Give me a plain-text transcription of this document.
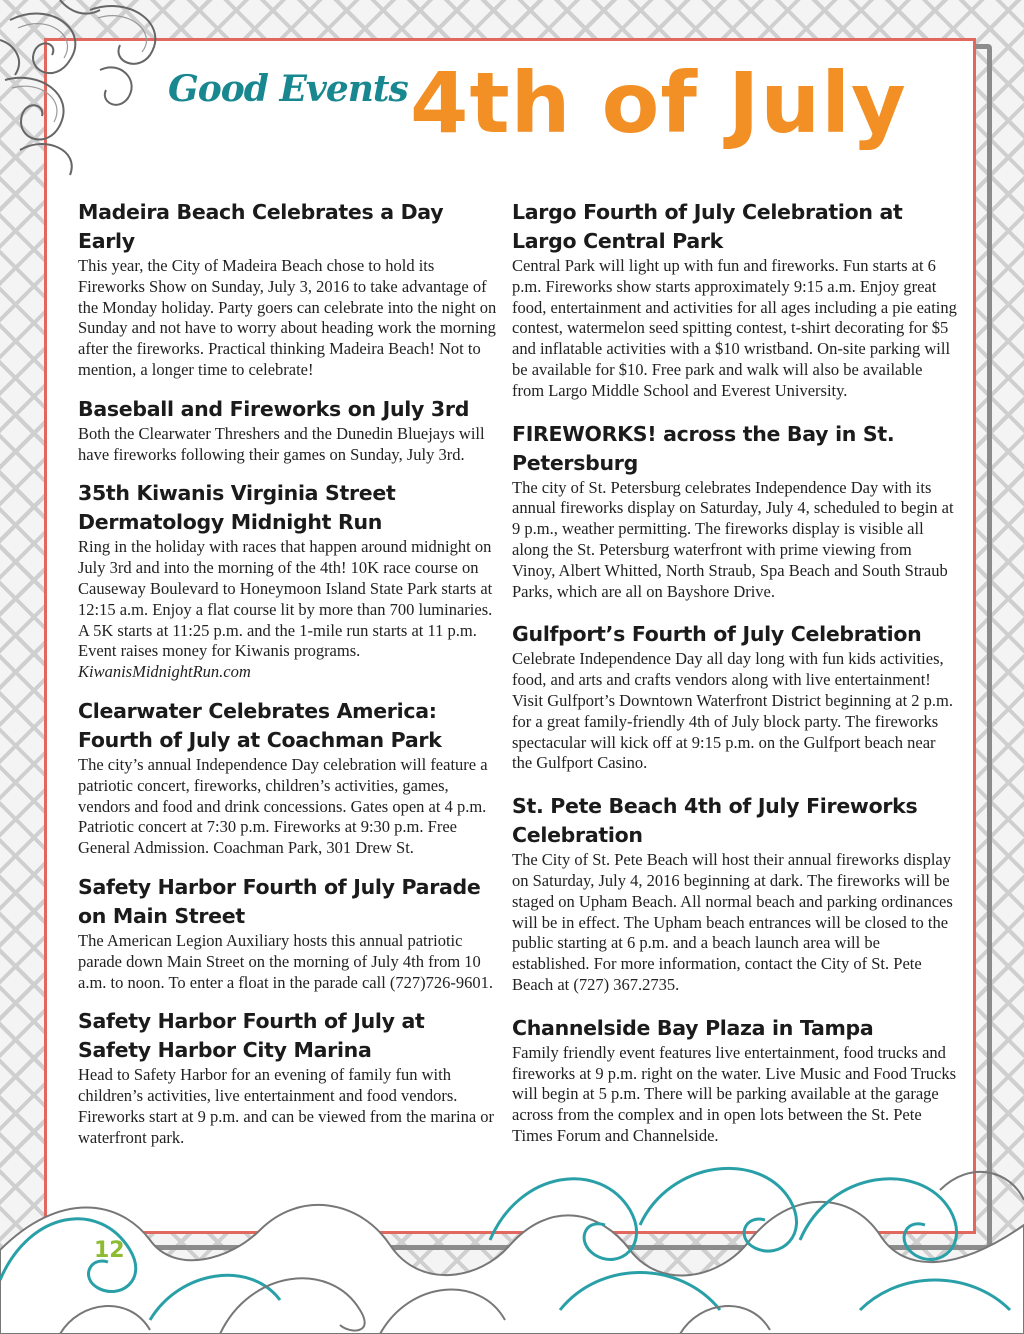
Good Events 4th of July
Madeira Beach Celebrates a Day Early

This year, the City of Madeira Beach chose to hold its Fireworks Show on Sunday, July 3, 2016 to take advantage of the Monday holiday. Party goers can celebrate into the night on Sunday and not have to worry about heading work the morning after the fireworks. Practical thinking Madeira Beach! Not to mention, a longer time to celebrate!

Baseball and Fireworks on July 3rd

Both the Clearwater Threshers and the Dunedin Bluejays will have fireworks following their games on Sunday, July 3rd.

35th Kiwanis Virginia Street Dermatology Midnight Run

Ring in the holiday with races that happen around midnight on July 3rd and into the morning of the 4th! 10K race course on Causeway Boulevard to Honeymoon Island State Park starts at 12:15 a.m. Enjoy a flat course lit by more than 700 luminaries. A 5K starts at 11:25 p.m. and the 1-mile run starts at 11 p.m. Event raises money for Kiwanis programs.

KiwanisMidnightRun.com

Clearwater Celebrates America: Fourth of July at Coachman Park

The city’s annual Independence Day celebration will feature a patriotic concert, fireworks, children’s activities, games, vendors and food and drink concessions. Gates open at 4 p.m. Patriotic concert at 7:30 p.m. Fireworks at 9:30 p.m. Free General Admission. Coachman Park, 301 Drew St.

Safety Harbor Fourth of July Parade on Main Street

The American Legion Auxiliary hosts this annual patriotic parade down Main Street on the morning of July 4th from 10 a.m. to noon. To enter a float in the parade call (727)726-9601.

Safety Harbor Fourth of July at Safety Harbor City Marina

Head to Safety Harbor for an evening of family fun with children’s activities, live entertainment and food vendors. Fireworks start at 9 p.m. and can be viewed from the marina or waterfront park.

Largo Fourth of July Celebration at Largo Central Park

Central Park will light up with fun and fireworks. Fun starts at 6 p.m. Fireworks show starts approximately 9:15 a.m. Enjoy great food, entertainment and activities for all ages including a pie eating contest, watermelon seed spitting contest, t-shirt decorating for $5 and inflatable activities with a $10 wristband. On-site parking will be available for $10. Free park and walk will also be available from Largo Middle School and Everest University.

FIREWORKS! across the Bay in St. Petersburg

The city of St. Petersburg celebrates Independence Day with its annual fireworks display on Saturday, July 4, scheduled to begin at 9 p.m., weather permitting. The fireworks display is visible all along the St. Petersburg waterfront with prime viewing from Vinoy, Albert Whitted, North Straub, Spa Beach and South Straub Parks, which are all on Bayshore Drive.

Gulfport’s Fourth of July Celebration

Celebrate Independence Day all day long with fun kids activities, food, and arts and crafts vendors along with live entertainment! Visit Gulfport’s Downtown Waterfront District beginning at 2 p.m. for a great family-friendly 4th of July block party. The fireworks spectacular will kick off at 9:15 p.m. on the Gulfport beach near the Gulfport Casino.

St. Pete Beach 4th of July Fireworks Celebration

The City of St. Pete Beach will host their annual fireworks display on Saturday, July 4, 2016 beginning at dark. The fireworks will be staged on Upham Beach. All normal beach and parking ordinances will be in effect. The Upham beach entrances will be closed to the public starting at 6 p.m. and a beach launch area will be established. For more information, contact the City of St. Pete Beach at (727) 367.2735.

Channelside Bay Plaza in Tampa

Family friendly event features live entertainment, food trucks and fireworks at 9 p.m. right on the water. Live Music and Food Trucks will begin at 5 p.m. There will be parking available at the garage across from the complex and in open lots between the St. Pete Times Forum and Channelside.

12
